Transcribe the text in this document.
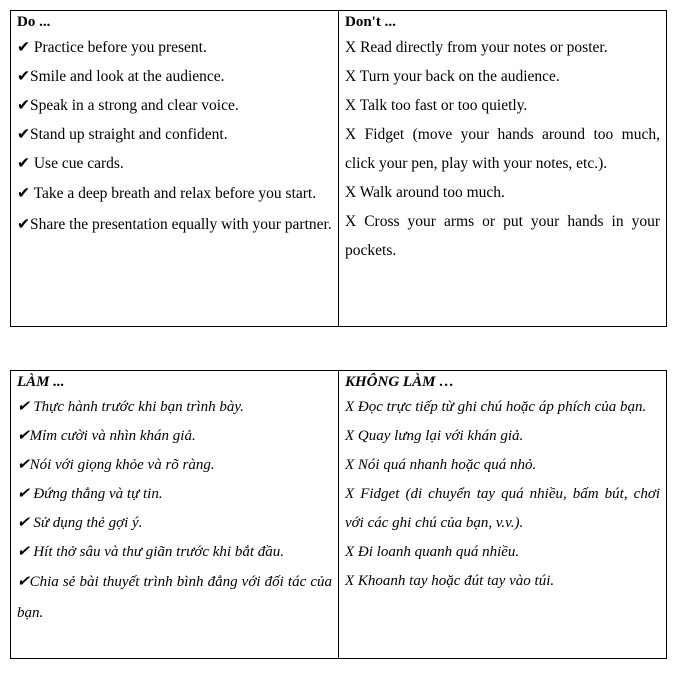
Do ...
✔ Practice before you present.
✔Smile and look at the audience.
✔Speak in a strong and clear voice.
✔Stand up straight and confident.
✔ Use cue cards.
✔ Take a deep breath and relax before you start.
✔Share the presentation equally with your partner.

Don't ...
X Read directly from your notes or poster.
X Turn your back on the audience.
X Talk too fast or too quietly.
X Fidget (move your hands around too much, click your pen, play with your notes, etc.).
X Walk around too much.
X Cross your arms or put your hands in your pockets.
LÀM ...
✔ Thực hành trước khi bạn trình bày.
✔Mỉm cười và nhìn khán giả.
✔Nói với giọng khỏe và rõ ràng.
✔ Đứng thẳng và tự tin.
✔ Sử dụng thẻ gợi ý.
✔ Hít thở sâu và thư giãn trước khi bắt đầu.
✔Chia sẻ bài thuyết trình bình đẳng với đối tác của bạn.

KHÔNG LÀM …
X Đọc trực tiếp từ ghi chú hoặc áp phích của bạn.
X Quay lưng lại với khán giả.
X Nói quá nhanh hoặc quá nhỏ.
X Fidget (di chuyển tay quá nhiều, bấm bút, chơi với các ghi chú của bạn, v.v.).
X Đi loanh quanh quá nhiều.
X Khoanh tay hoặc đút tay vào túi.
